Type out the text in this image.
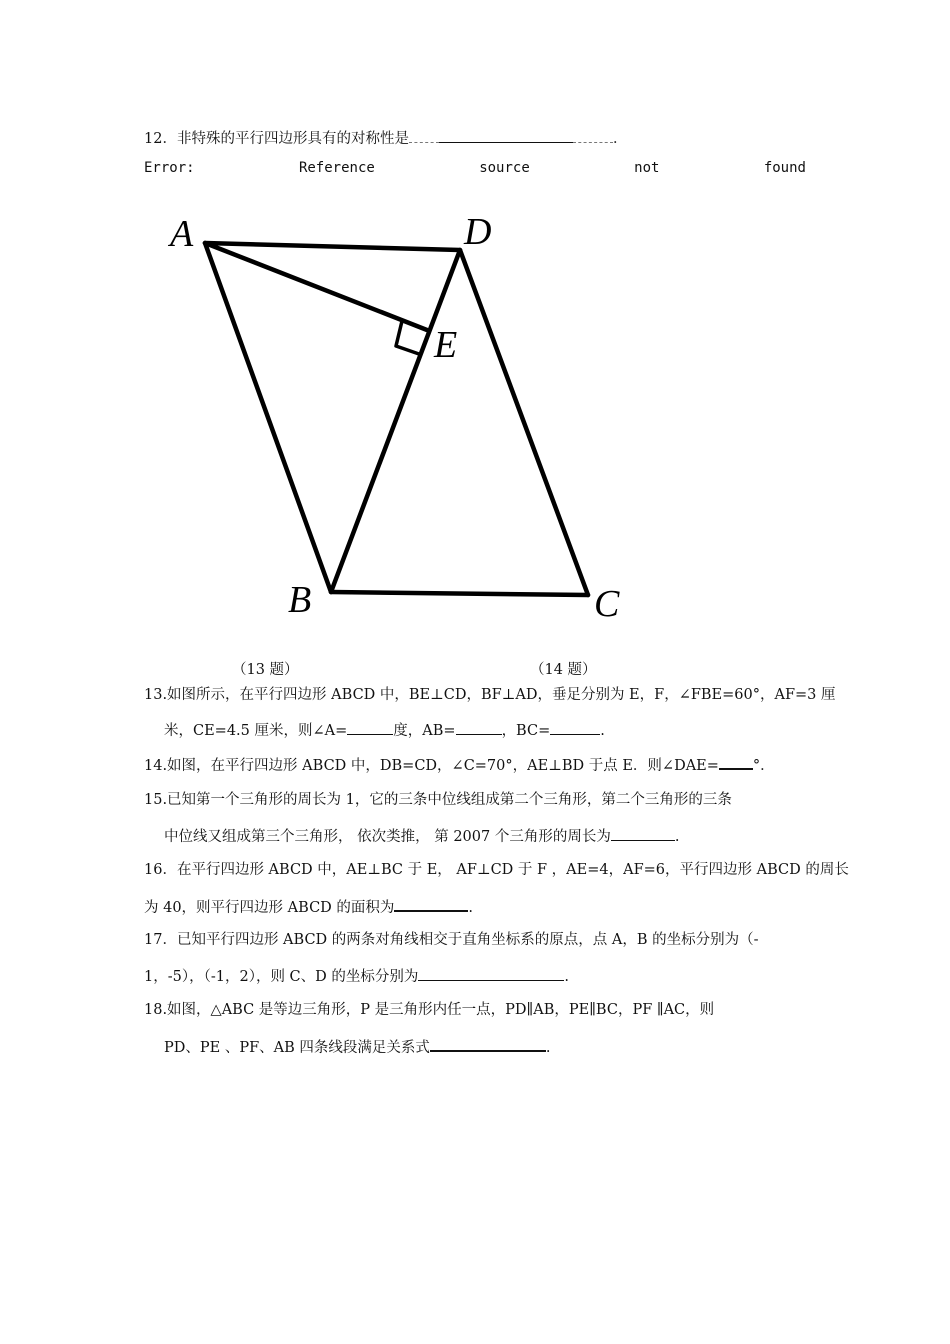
12．非特殊的平行四边形具有的对称性是	．
Error:	Reference	source	not	found
A	D
E
B	C
（13 题）	（14 题）
13.如图所示，在平行四边形 ABCD 中，BE⊥CD，BF⊥AD，垂足分别为 E，F，∠FBE=60°，AF=3 厘
米，CE=4.5 厘米，则∠A=	度，AB=	，BC=	.
14.如图，在平行四边形 ABCD 中，DB=CD，∠C=70°，AE⊥BD 于点 E．则∠DAE= °．
15.已知第一个三角形的周长为 1，它的三条中位线组成第二个三角形，第二个三角形的三条
中位线又组成第三个三角形， 依次类推， 第 2007 个三角形的周长为	.
16．在平行四边形 ABCD 中，AE⊥BC 于 E， AF⊥CD 于 F ，AE=4，AF=6，平行四边形 ABCD 的周长
为 40，则平行四边形 ABCD 的面积为	.
17．已知平行四边形 ABCD 的两条对角线相交于直角坐标系的原点，点 A，B 的坐标分别为（-
1，-5），（-1，2），则 C、D 的坐标分别为	.
18.如图，△ABC 是等边三角形，P 是三角形内任一点，PD∥AB，PE∥BC，PF ∥AC，则
PD、PE 、PF、AB 四条线段满足关系式	.
